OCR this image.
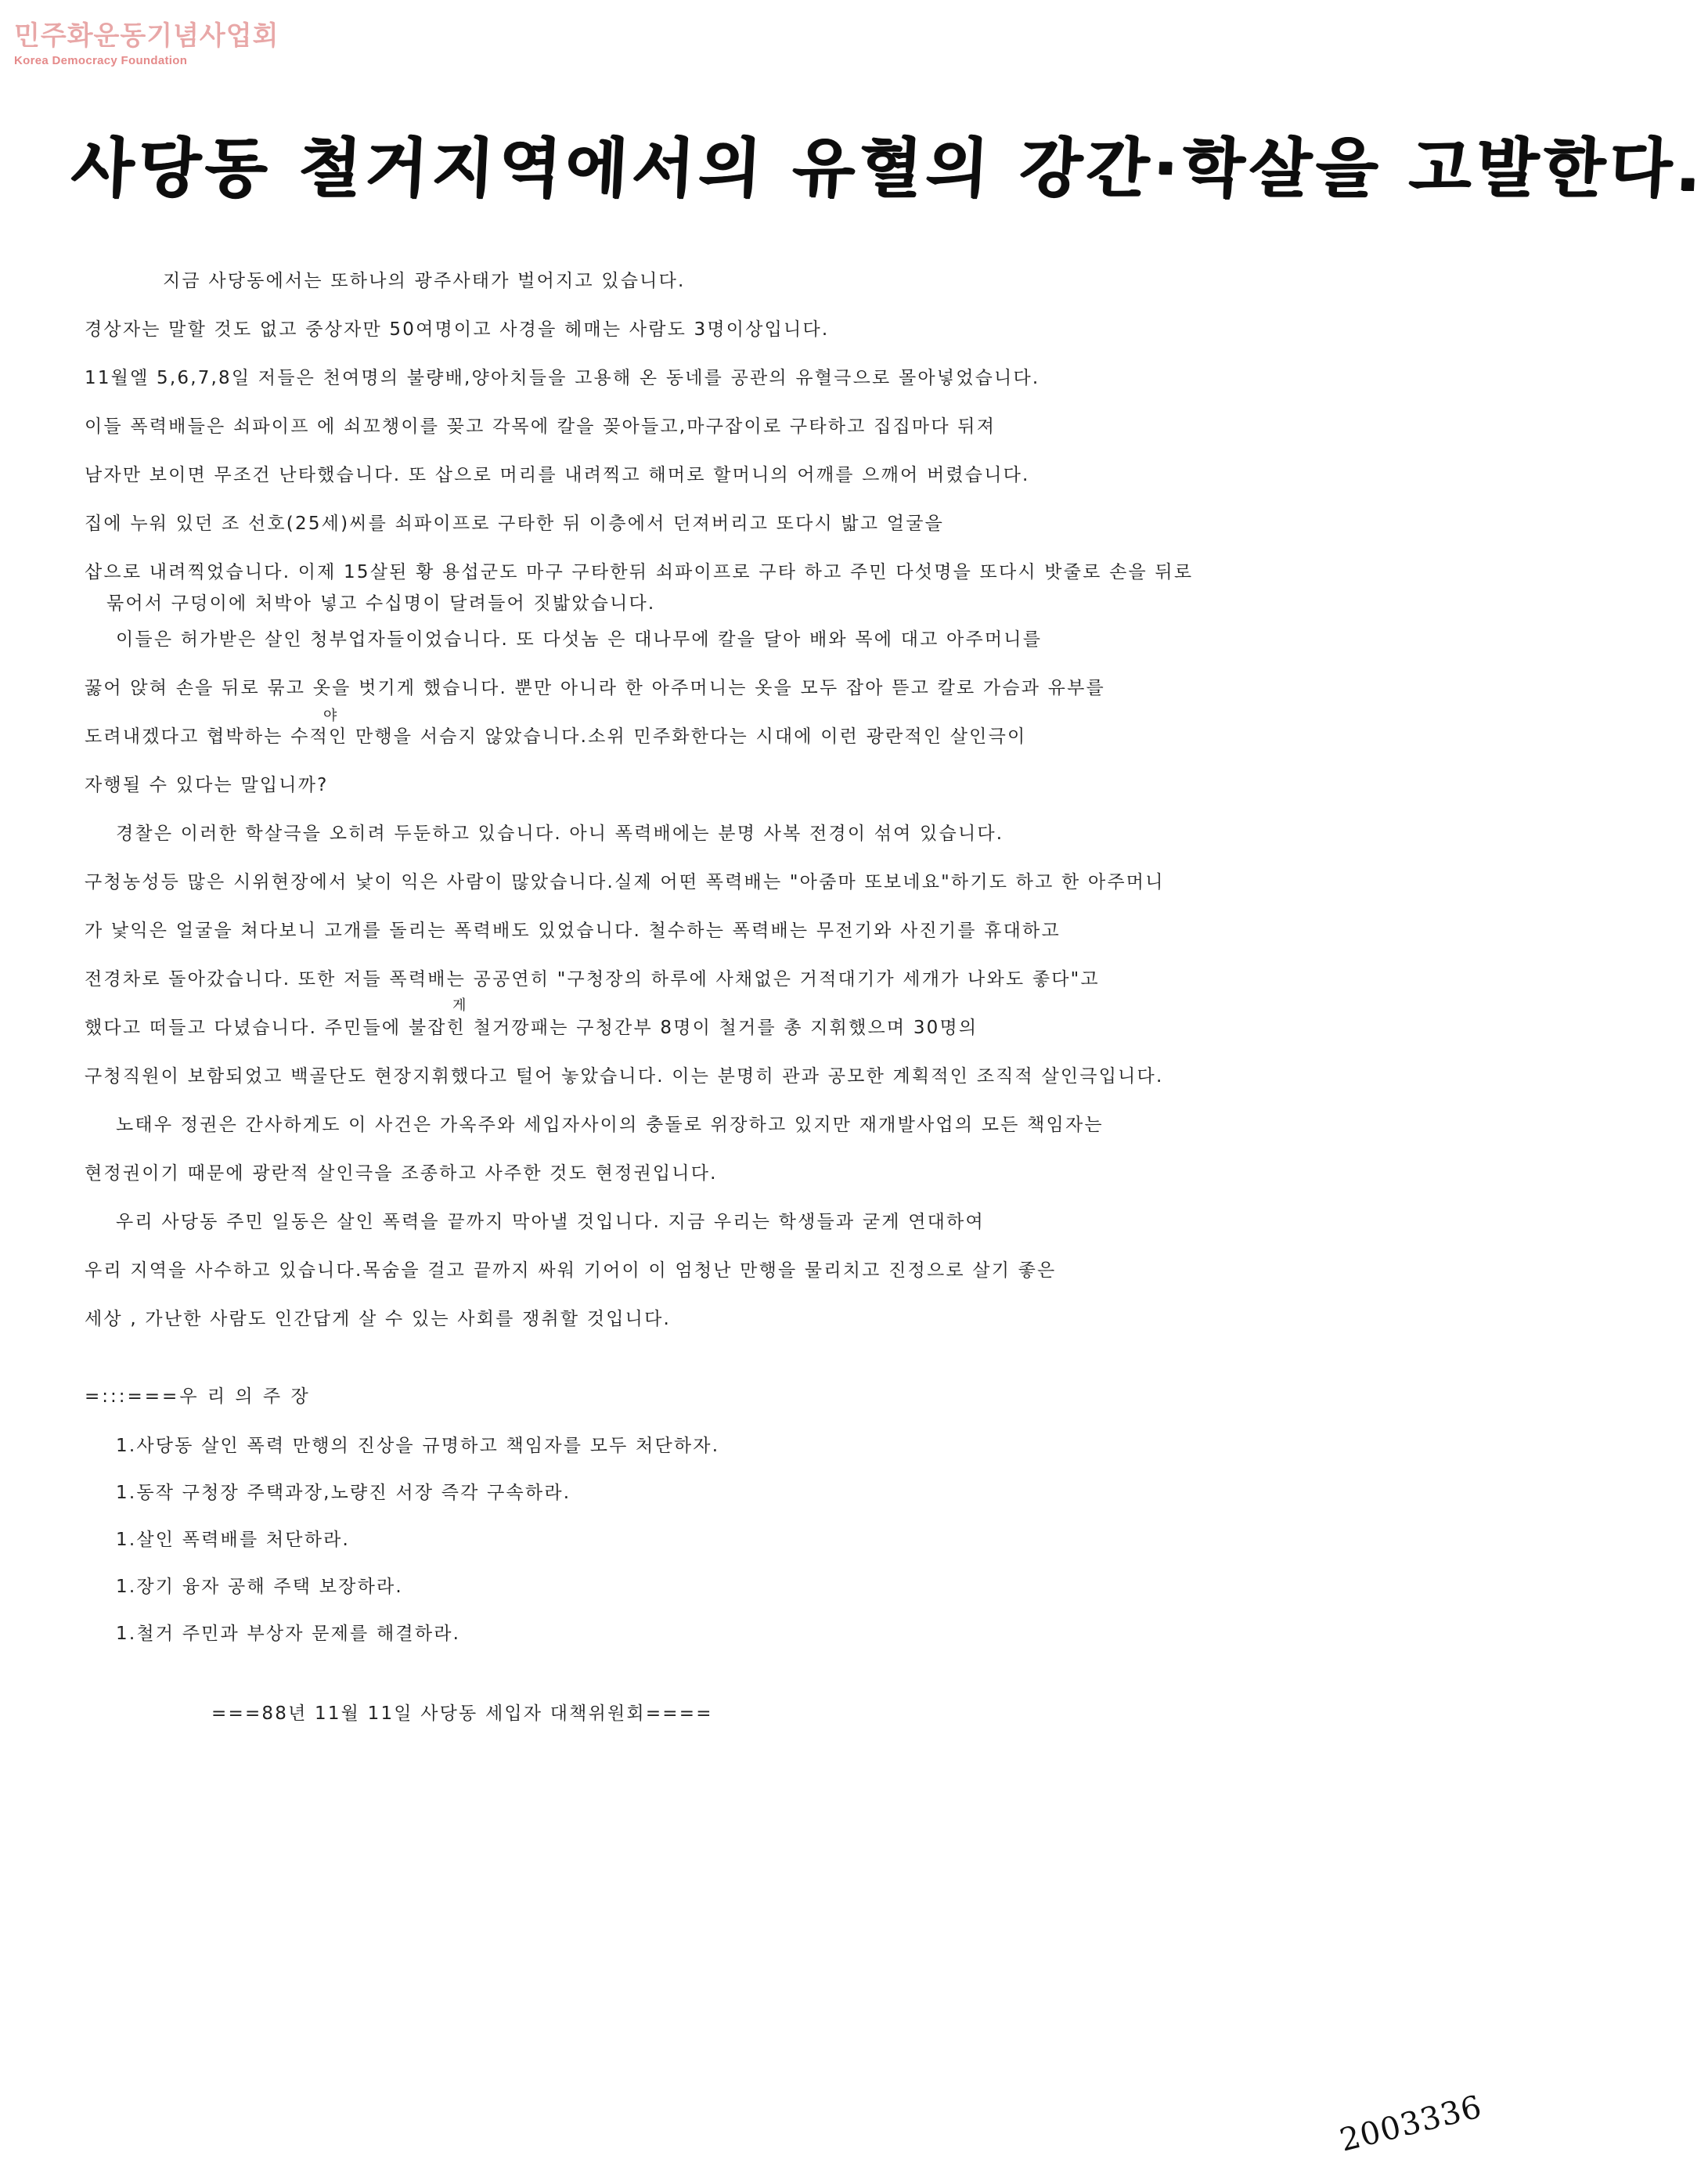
민주화운동기념사업회
Korea Democracy Foundation
사당동 철거지역에서의 유혈의 강간·학살을 고발한다.
지금 사당동에서는 또하나의 광주사태가 벌어지고 있습니다.
경상자는 말할 것도 없고 중상자만 50여명이고 사경을 헤매는 사람도 3명이상입니다.
11월엘 5,6,7,8일 저들은 천여명의 불량배,양아치들을 고용해 온 동네를 공관의 유혈극으로 몰아넣었습니다.
이들 폭력배들은 쇠파이프 에 쇠꼬챙이를 꽂고 각목에 칼을 꽂아들고,마구잡이로 구타하고 집집마다 뒤져
남자만 보이면 무조건 난타했습니다. 또 삽으로 머리를 내려찍고 해머로 할머니의 어깨를 으깨어 버렸습니다.
집에 누워 있던 조 선호(25세)씨를 쇠파이프로 구타한 뒤 이층에서 던져버리고 또다시 밟고 얼굴을
삽으로 내려찍었습니다. 이제 15살된 황 용섭군도 마구 구타한뒤 쇠파이프로 구타 하고 주민 다섯명을 또다시 밧줄로 손을 뒤로
묶어서 구덩이에 처박아 넣고 수십명이 달려들어 짓밟았습니다.
이들은 허가받은 살인 청부업자들이었습니다. 또 다섯놈 은 대나무에 칼을 달아 배와 목에 대고 아주머니를
꿇어 앉혀 손을 뒤로 묶고 옷을 벗기게 했습니다. 뿐만 아니라 한 아주머니는 옷을 모두 잡아 뜯고 칼로 가슴과 유부를
도려내겠다고 협박하는 수적인 만행을 서슴지 않았습니다.소위 민주화한다는 시대에 이런 광란적인 살인극이
야
자행될 수 있다는 말입니까?
경찰은 이러한 학살극을 오히려 두둔하고 있습니다. 아니 폭력배에는 분명 사복 전경이 섞여 있습니다.
구청농성등 많은 시위현장에서 낯이 익은 사람이 많았습니다.실제 어떤 폭력배는 "아줌마 또보네요"하기도 하고 한 아주머니
가 낯익은 얼굴을 쳐다보니 고개를 돌리는 폭력배도 있었습니다. 철수하는 폭력배는 무전기와 사진기를 휴대하고
전경차로 돌아갔습니다. 또한 저들 폭력배는 공공연히 "구청장의 하루에 사채없은 거적대기가 세개가 나와도 좋다"고
했다고 떠들고 다녔습니다. 주민들에 불잡힌 철거깡패는 구청간부 8명이 철거를 총 지휘했으며 30명의
게
구청직원이 보함되었고 백골단도 현장지휘했다고 털어 놓았습니다. 이는 분명히 관과 공모한 계획적인 조직적 살인극입니다.
노태우 정권은 간사하게도 이 사건은 가옥주와 세입자사이의 충돌로 위장하고 있지만 재개발사업의 모든 책임자는
현정권이기 때문에 광란적 살인극을 조종하고 사주한 것도 현정권입니다.
우리 사당동 주민 일동은 살인 폭력을 끝까지 막아낼 것입니다. 지금 우리는 학생들과 굳게 연대하여
우리 지역을 사수하고 있습니다.목숨을 걸고 끝까지 싸워 기어이 이 엄청난 만행을 물리치고 진정으로 살기 좋은
세상 , 가난한 사람도 인간답게 살 수 있는 사회를 쟁취할 것입니다.
=:::===우 리 의 주 장
1.사당동 살인 폭력 만행의 진상을 규명하고 책임자를 모두 처단하자.
1.동작 구청장 주택과장,노량진 서장 즉각 구속하라.
1.살인 폭력배를 처단하라.
1.장기 융자 공해 주택 보장하라.
1.철거 주민과 부상자 문제를 해결하라.
===88년 11월 11일 사당동 세입자 대책위원회====
2003336
